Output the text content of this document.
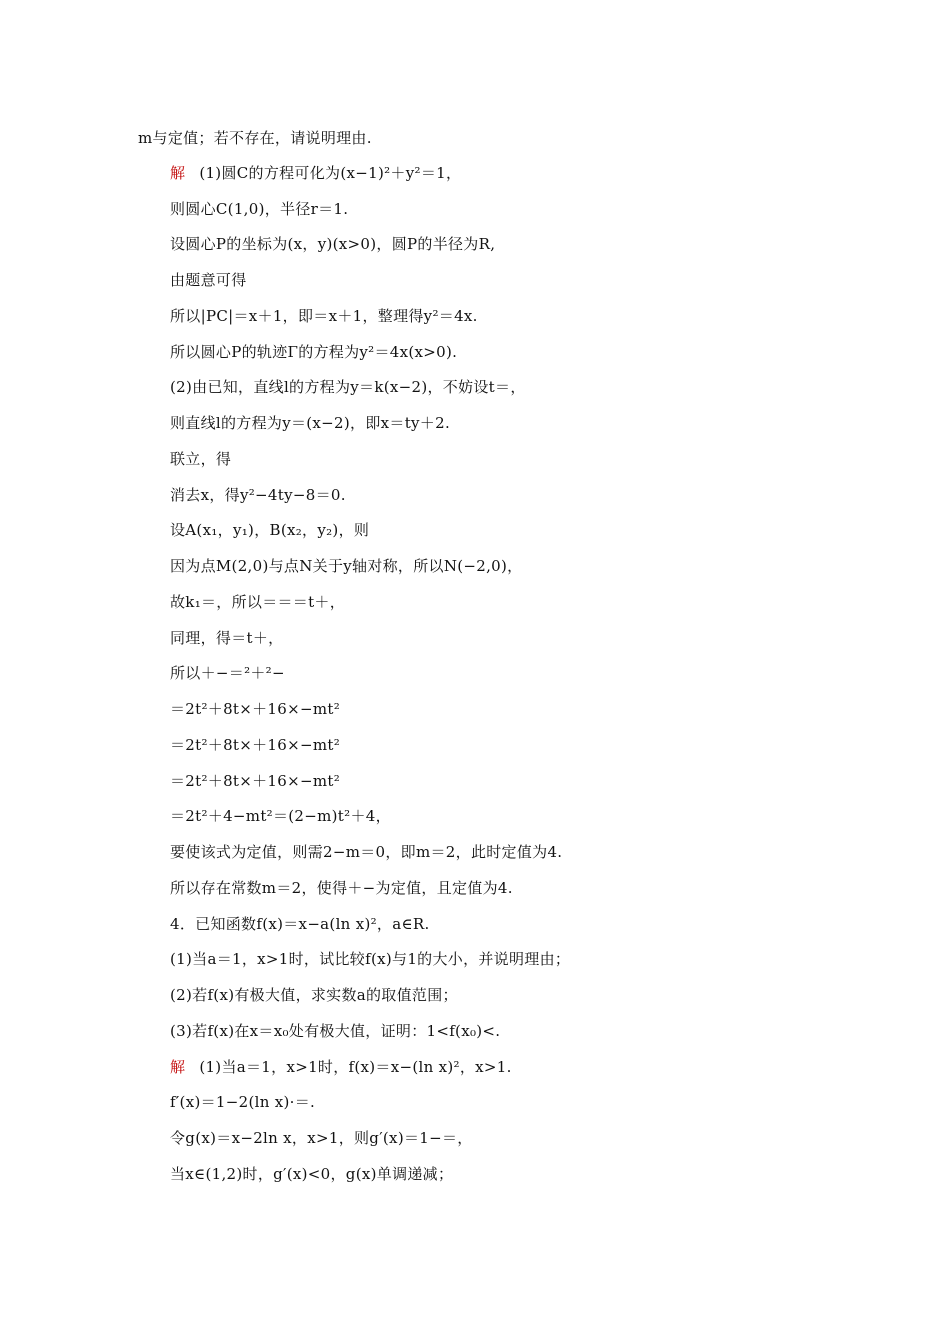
m与定值；若不存在，请说明理由.
解 (1)圆C的方程可化为(x−1)²＋y²＝1，
则圆心C(1,0)，半径r＝1.
设圆心P的坐标为(x，y)(x>0)，圆P的半径为R,
由题意可得
所以|PC|＝x＋1，即＝x＋1，整理得y²＝4x.
所以圆心P的轨迹Γ的方程为y²＝4x(x>0).
(2)由已知，直线l的方程为y＝k(x−2)，不妨设t＝，
则直线l的方程为y＝(x−2)，即x＝ty＋2.
联立，得
消去x，得y²−4ty−8＝0.
设A(x₁，y₁)，B(x₂，y₂)，则
因为点M(2,0)与点N关于y轴对称，所以N(−2,0)，
故k₁＝，所以＝＝＝t＋，
同理，得＝t＋，
所以＋−＝²＋²−
＝2t²＋8t×＋16×−mt²
＝2t²＋8t×＋16×−mt²
＝2t²＋8t×＋16×−mt²
＝2t²＋4−mt²＝(2−m)t²＋4，
要使该式为定值，则需2−m＝0，即m＝2，此时定值为4.
所以存在常数m＝2，使得＋−为定值，且定值为4.
4．已知函数f(x)＝x−a(ln x)²，a∈R.
(1)当a＝1，x>1时，试比较f(x)与1的大小，并说明理由；
(2)若f(x)有极大值，求实数a的取值范围；
(3)若f(x)在x＝x₀处有极大值，证明：1<f(x₀)<.
解 (1)当a＝1，x>1时，f(x)＝x−(ln x)²，x>1.
f′(x)＝1−2(ln x)·＝.
令g(x)＝x−2ln x，x>1，则g′(x)＝1−＝，
当x∈(1,2)时，g′(x)<0，g(x)单调递减；
